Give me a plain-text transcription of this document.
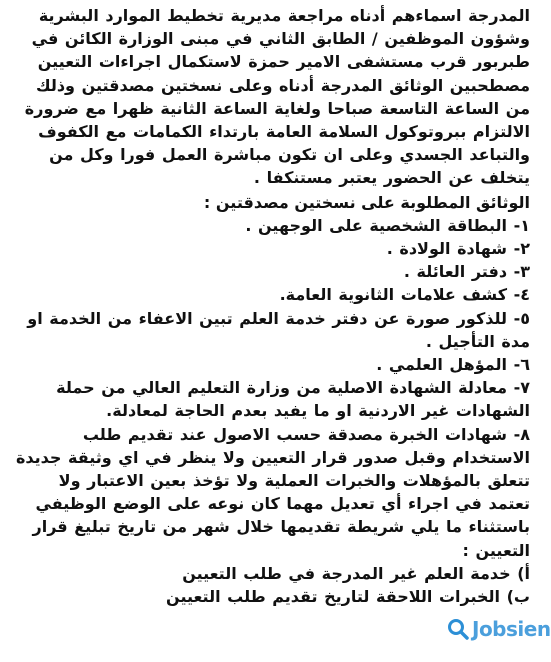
المدرجة اسماءهم أدناه مراجعة مديرية تخطيط الموارد البشرية

وشؤون الموظفين / الطابق الثاني في مبنى الوزارة الكائن في

طبربور قرب مستشفى الامير حمزة لاستكمال اجراءات التعيين

مصطحبين الوثائق المدرجة أدناه وعلى نسختين مصدقتين وذلك

من الساعة التاسعة صباحا ولغاية الساعة الثانية ظهرا مع ضرورة

الالتزام ببروتوكول السلامة العامة بارتداء الكمامات مع الكفوف

والتباعد الجسدي وعلى ان تكون مباشرة العمل فورا وكل من

يتخلف عن الحضور يعتبر مستنكفا .

الوثائق المطلوبة على نسختين مصدقتين :
١- البطاقة الشخصية على الوجهين .
٢- شهادة الولادة .
٣- دفتر العائلة .
٤- كشف علامات الثانوية العامة.
٥- للذكور صورة عن دفتر خدمة العلم تبين الاعفاء من الخدمة او
مدة التأجيل .
٦- المؤهل العلمي .
٧- معادلة الشهادة الاصلية من وزارة التعليم العالي من حملة
الشهادات غير الاردنية او ما يفيد بعدم الحاجة لمعادلة.
٨- شهادات الخبرة مصدقة حسب الاصول عند تقديم طلب
الاستخدام وقبل صدور قرار التعيين ولا ينظر في اي وثيقة جديدة
تتعلق بالمؤهلات والخبرات العملية ولا تؤخذ بعين الاعتبار ولا
تعتمد في اجراء أي تعديل مهما كان نوعه على الوضع الوظيفي
باستثناء ما يلي شريطة تقديمها خلال شهر من تاريخ تبليغ قرار
التعيين :
أ) خدمة العلم غير المدرجة في طلب التعيين
ب) الخبرات اللاحقة لتاريخ تقديم طلب التعيين
Jobsien
